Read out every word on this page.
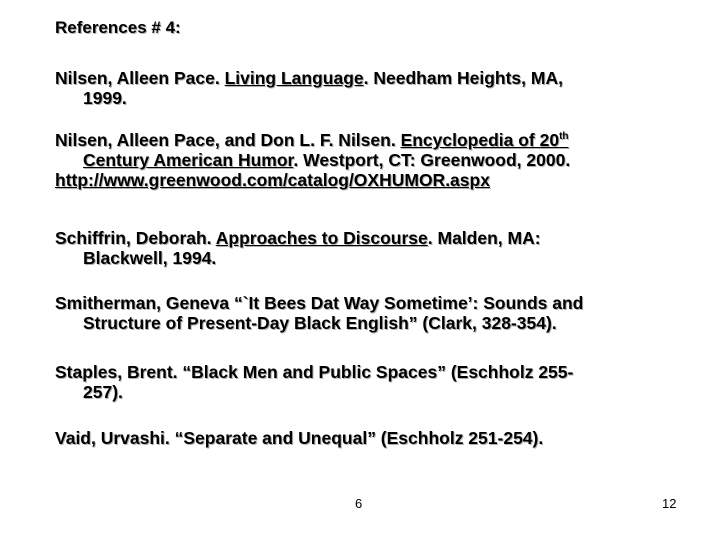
References # 4:
Nilsen, Alleen Pace. Living Language. Needham Heights, MA,
1999.
Nilsen, Alleen Pace, and Don L. F. Nilsen. Encyclopedia of 20th
Century American Humor. Westport, CT: Greenwood, 2000.
http://www.greenwood.com/catalog/OXHUMOR.aspx
Schiffrin, Deborah. Approaches to Discourse. Malden, MA:
Blackwell, 1994.
Smitherman, Geneva “`It Bees Dat Way Sometime’: Sounds and
Structure of Present-Day Black English” (Clark, 328-354).
Staples, Brent. “Black Men and Public Spaces” (Eschholz 255-
257).
Vaid, Urvashi. “Separate and Unequal” (Eschholz 251-254).
6	12
